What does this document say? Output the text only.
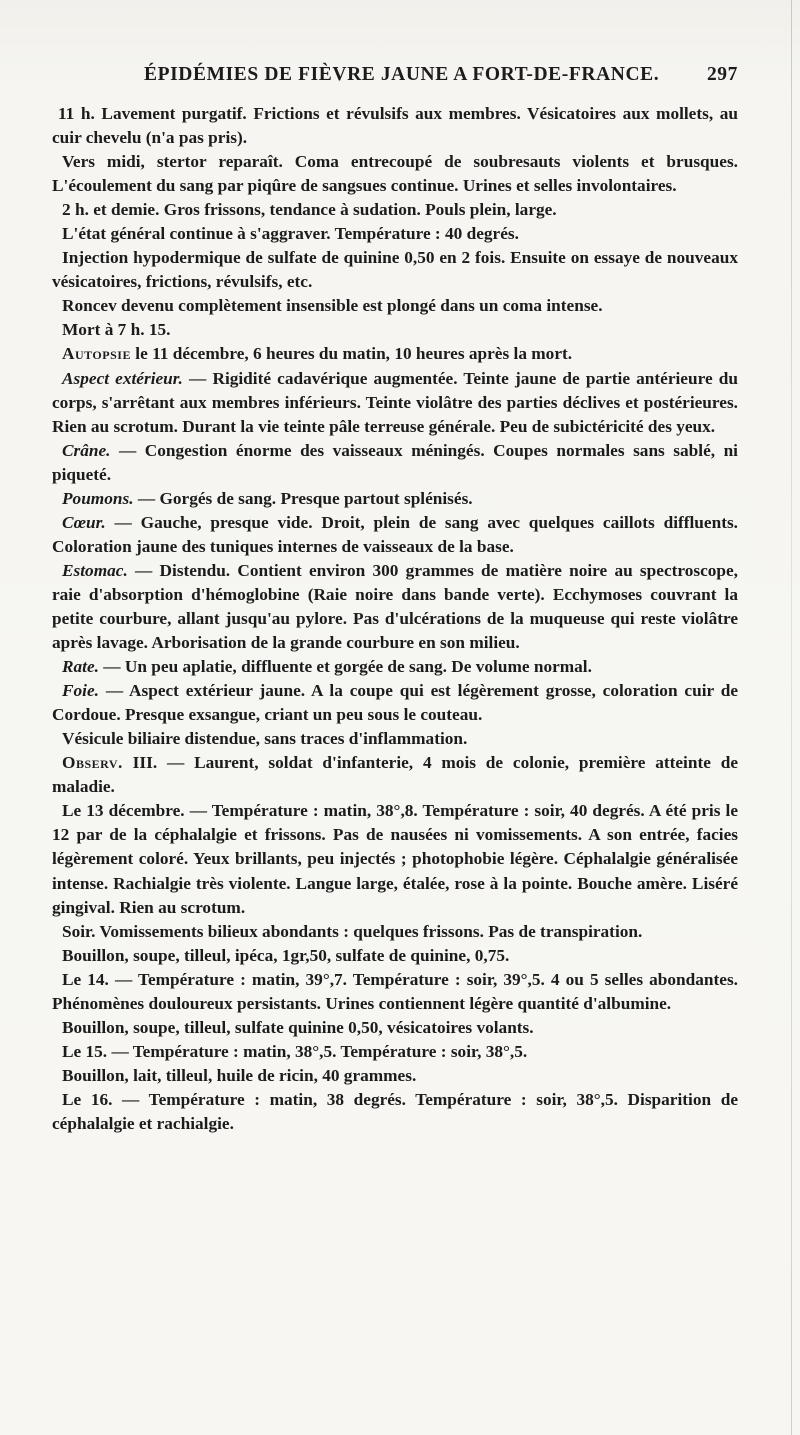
ÉPIDÉMIES DE FIÈVRE JAUNE A FORT-DE-FRANCE. 297

11 h. Lavement purgatif. Frictions et révulsifs aux membres. Vésicatoires aux mollets, au cuir chevelu (n'a pas pris).

Vers midi, stertor reparaît. Coma entrecoupé de soubresauts violents et brusques. L'écoulement du sang par piqûre de sangsues continue. Urines et selles involontaires.

2 h. et demie. Gros frissons, tendance à sudation. Pouls plein, large.

L'état général continue à s'aggraver. Température : 40 degrés.

Injection hypodermique de sulfate de quinine 0,50 en 2 fois. Ensuite on essaye de nouveaux vésicatoires, frictions, révulsifs, etc.

Roncev devenu complètement insensible est plongé dans un coma intense.

Mort à 7 h. 15.

Autopsie le 11 décembre, 6 heures du matin, 10 heures après la mort.

Aspect extérieur. — Rigidité cadavérique augmentée. Teinte jaune de partie antérieure du corps, s'arrêtant aux membres inférieurs. Teinte violâtre des parties déclives et postérieures. Rien au scrotum. Durant la vie teinte pâle terreuse générale. Peu de subictéricité des yeux.

Crâne. — Congestion énorme des vaisseaux méningés. Coupes normales sans sablé, ni piqueté.

Poumons. — Gorgés de sang. Presque partout splénisés.

Cœur. — Gauche, presque vide. Droit, plein de sang avec quelques caillots diffluents. Coloration jaune des tuniques internes de vaisseaux de la base.

Estomac. — Distendu. Contient environ 300 grammes de matière noire au spectroscope, raie d'absorption d'hémoglobine (Raie noire dans bande verte). Ecchymoses couvrant la petite courbure, allant jusqu'au pylore. Pas d'ulcérations de la muqueuse qui reste violâtre après lavage. Arborisation de la grande courbure en son milieu.

Rate. — Un peu aplatie, diffluente et gorgée de sang. De volume normal.

Foie. — Aspect extérieur jaune. A la coupe qui est légèrement grosse, coloration cuir de Cordoue. Presque exsangue, criant un peu sous le couteau.

Vésicule biliaire distendue, sans traces d'inflammation.

Observ. III. — Laurent, soldat d'infanterie, 4 mois de colonie, première atteinte de maladie.

Le 13 décembre. — Température : matin, 38°,8. Température : soir, 40 degrés. A été pris le 12 par de la céphalalgie et frissons. Pas de nausées ni vomissements. A son entrée, facies légèrement coloré. Yeux brillants, peu injectés ; photophobie légère. Céphalalgie généralisée intense. Rachialgie très violente. Langue large, étalée, rose à la pointe. Bouche amère. Liséré gingival. Rien au scrotum.

Soir. Vomissements bilieux abondants : quelques frissons. Pas de transpiration.

Bouillon, soupe, tilleul, ipéca, 1gr,50, sulfate de quinine, 0,75.

Le 14. — Température : matin, 39°,7. Température : soir, 39°,5. 4 ou 5 selles abondantes. Phénomènes douloureux persistants. Urines contiennent légère quantité d'albumine.

Bouillon, soupe, tilleul, sulfate quinine 0,50, vésicatoires volants.

Le 15. — Température : matin, 38°,5. Température : soir, 38°,5.

Bouillon, lait, tilleul, huile de ricin, 40 grammes.

Le 16. — Température : matin, 38 degrés. Température : soir, 38°,5. Disparition de céphalalgie et rachialgie.
